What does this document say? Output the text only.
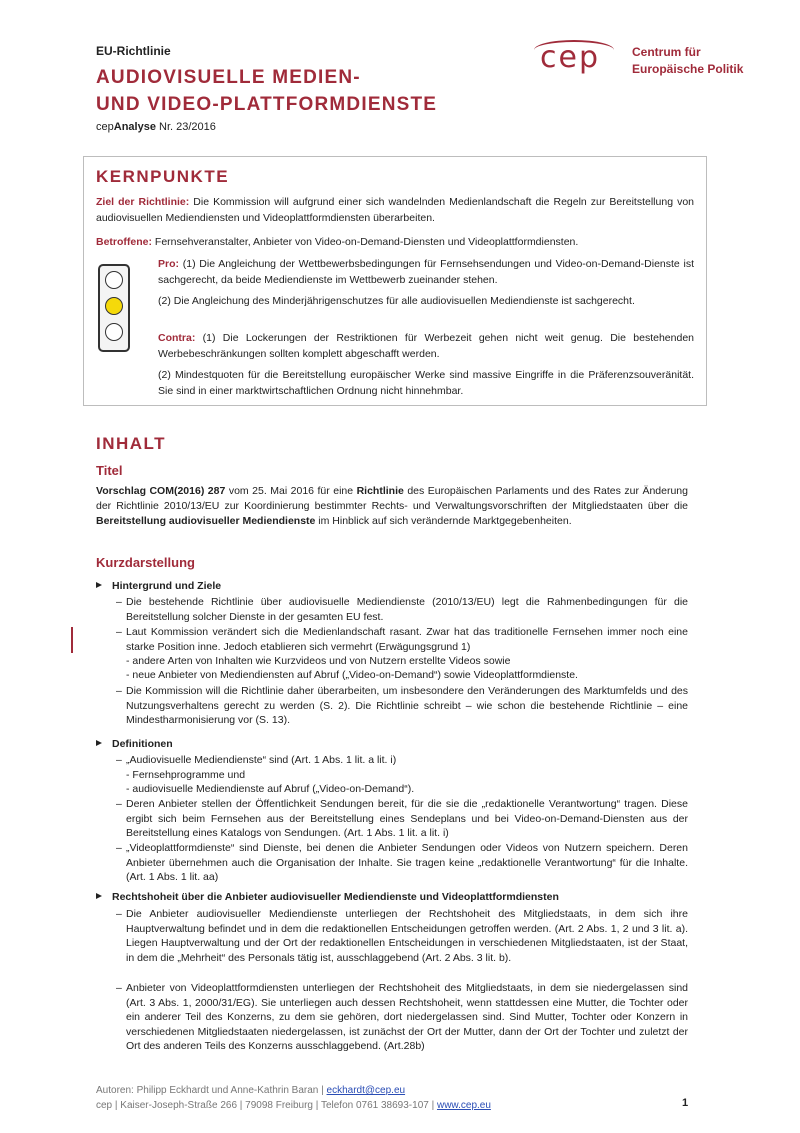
EU-Richtlinie
AUDIOVISUELLE MEDIEN-
UND VIDEO-PLATTFORMDIENSTE
cepAnalyse Nr. 23/2016
cep	Centrum für
Europäische Politik
KERNPUNKTE
Ziel der Richtlinie: Die Kommission will aufgrund einer sich wandelnden Medienlandschaft die Regeln zur Bereitstellung von audiovisuellen Mediendiensten und Videoplattformdiensten überarbeiten.
Betroffene: Fernsehveranstalter, Anbieter von Video-on-Demand-Diensten und Videoplattformdiensten.
Pro: (1) Die Angleichung der Wettbewerbsbedingungen für Fernsehsendungen und Video-on-Demand-Dienste ist sachgerecht, da beide Mediendienste im Wettbewerb zueinander stehen.
(2) Die Angleichung des Minderjährigenschutzes für alle audiovisuellen Mediendienste ist sachgerecht.
Contra: (1) Die Lockerungen der Restriktionen für Werbezeit gehen nicht weit genug. Die bestehenden Werbebeschränkungen sollten komplett abgeschafft werden.
(2) Mindestquoten für die Bereitstellung europäischer Werke sind massive Eingriffe in die Präferenzsouveränität. Sie sind in einer marktwirtschaftlichen Ordnung nicht hinnehmbar.
INHALT
Titel
Vorschlag COM(2016) 287 vom 25. Mai 2016 für eine Richtlinie des Europäischen Parlaments und des Rates zur Änderung der Richtlinie 2010/13/EU zur Koordinierung bestimmter Rechts- und Verwaltungsvorschriften der Mitgliedstaaten über die Bereitstellung audiovisueller Mediendienste im Hinblick auf sich verändernde Marktgegebenheiten.
Kurzdarstellung
Hintergrund und Ziele
– Die bestehende Richtlinie über audiovisuelle Mediendienste (2010/13/EU) legt die Rahmenbedingungen für die Bereitstellung solcher Dienste in der gesamten EU fest.
– Laut Kommission verändert sich die Medienlandschaft rasant. Zwar hat das traditionelle Fernsehen immer noch eine starke Position inne. Jedoch etablieren sich vermehrt (Erwägungsgrund 1)
- andere Arten von Inhalten wie Kurzvideos und von Nutzern erstellte Videos sowie
- neue Anbieter von Mediendiensten auf Abruf („Video-on-Demand“) sowie Videoplattformdienste.
– Die Kommission will die Richtlinie daher überarbeiten, um insbesondere den Veränderungen des Marktumfelds und des Nutzungsverhaltens gerecht zu werden (S. 2). Die Richtlinie schreibt – wie schon die bestehende Richtlinie – eine Mindestharmonisierung vor (S. 13).
Definitionen
– „Audiovisuelle Mediendienste“ sind (Art. 1 Abs. 1 lit. a lit. i)
- Fernsehprogramme und
- audiovisuelle Mediendienste auf Abruf („Video-on-Demand“).
– Deren Anbieter stellen der Öffentlichkeit Sendungen bereit, für die sie die „redaktionelle Verantwortung“ tragen. Diese ergibt sich beim Fernsehen aus der Bereitstellung eines Sendeplans und bei Video-on-Demand-Diensten aus der Bereitstellung eines Katalogs von Sendungen. (Art. 1 Abs. 1 lit. a lit. i)
– „Videoplattformdienste“ sind Dienste, bei denen die Anbieter Sendungen oder Videos von Nutzern speichern. Deren Anbieter übernehmen auch die Organisation der Inhalte. Sie tragen keine „redaktionelle Verantwortung“ für die Inhalte. (Art. 1 Abs. 1 lit. aa)
Rechtshoheit über die Anbieter audiovisueller Mediendienste und Videoplattformdiensten
– Die Anbieter audiovisueller Mediendienste unterliegen der Rechtshoheit des Mitgliedstaats, in dem sich ihre Hauptverwaltung befindet und in dem die redaktionellen Entscheidungen getroffen werden. (Art. 2 Abs. 1, 2 und 3 lit. a). Liegen Hauptverwaltung und der Ort der redaktionellen Entscheidungen in verschiedenen Mitgliedstaaten, ist der Staat, in dem die „Mehrheit“ des Personals tätig ist, ausschlaggebend (Art. 2 Abs. 3 lit. b).
– Anbieter von Videoplattformdiensten unterliegen der Rechtshoheit des Mitgliedstaats, in dem sie niedergelassen sind (Art. 3 Abs. 1, 2000/31/EG). Sie unterliegen auch dessen Rechtshoheit, wenn stattdessen eine Mutter, die Tochter oder ein anderer Teil des Konzerns, zu dem sie gehören, dort niedergelassen sind. Sind Mutter, Tochter oder Konzern in verschiedenen Mitgliedstaaten niedergelassen, ist zunächst der Ort der Mutter, dann der Ort der Tochter und zuletzt der Ort des anderen Teils des Konzerns ausschlaggebend. (Art.28b)
Autoren: Philipp Eckhardt und Anne-Kathrin Baran | eckhardt@cep.eu
cep | Kaiser-Joseph-Straße 266 | 79098 Freiburg | Telefon 0761 38693-107 | www.cep.eu	1
